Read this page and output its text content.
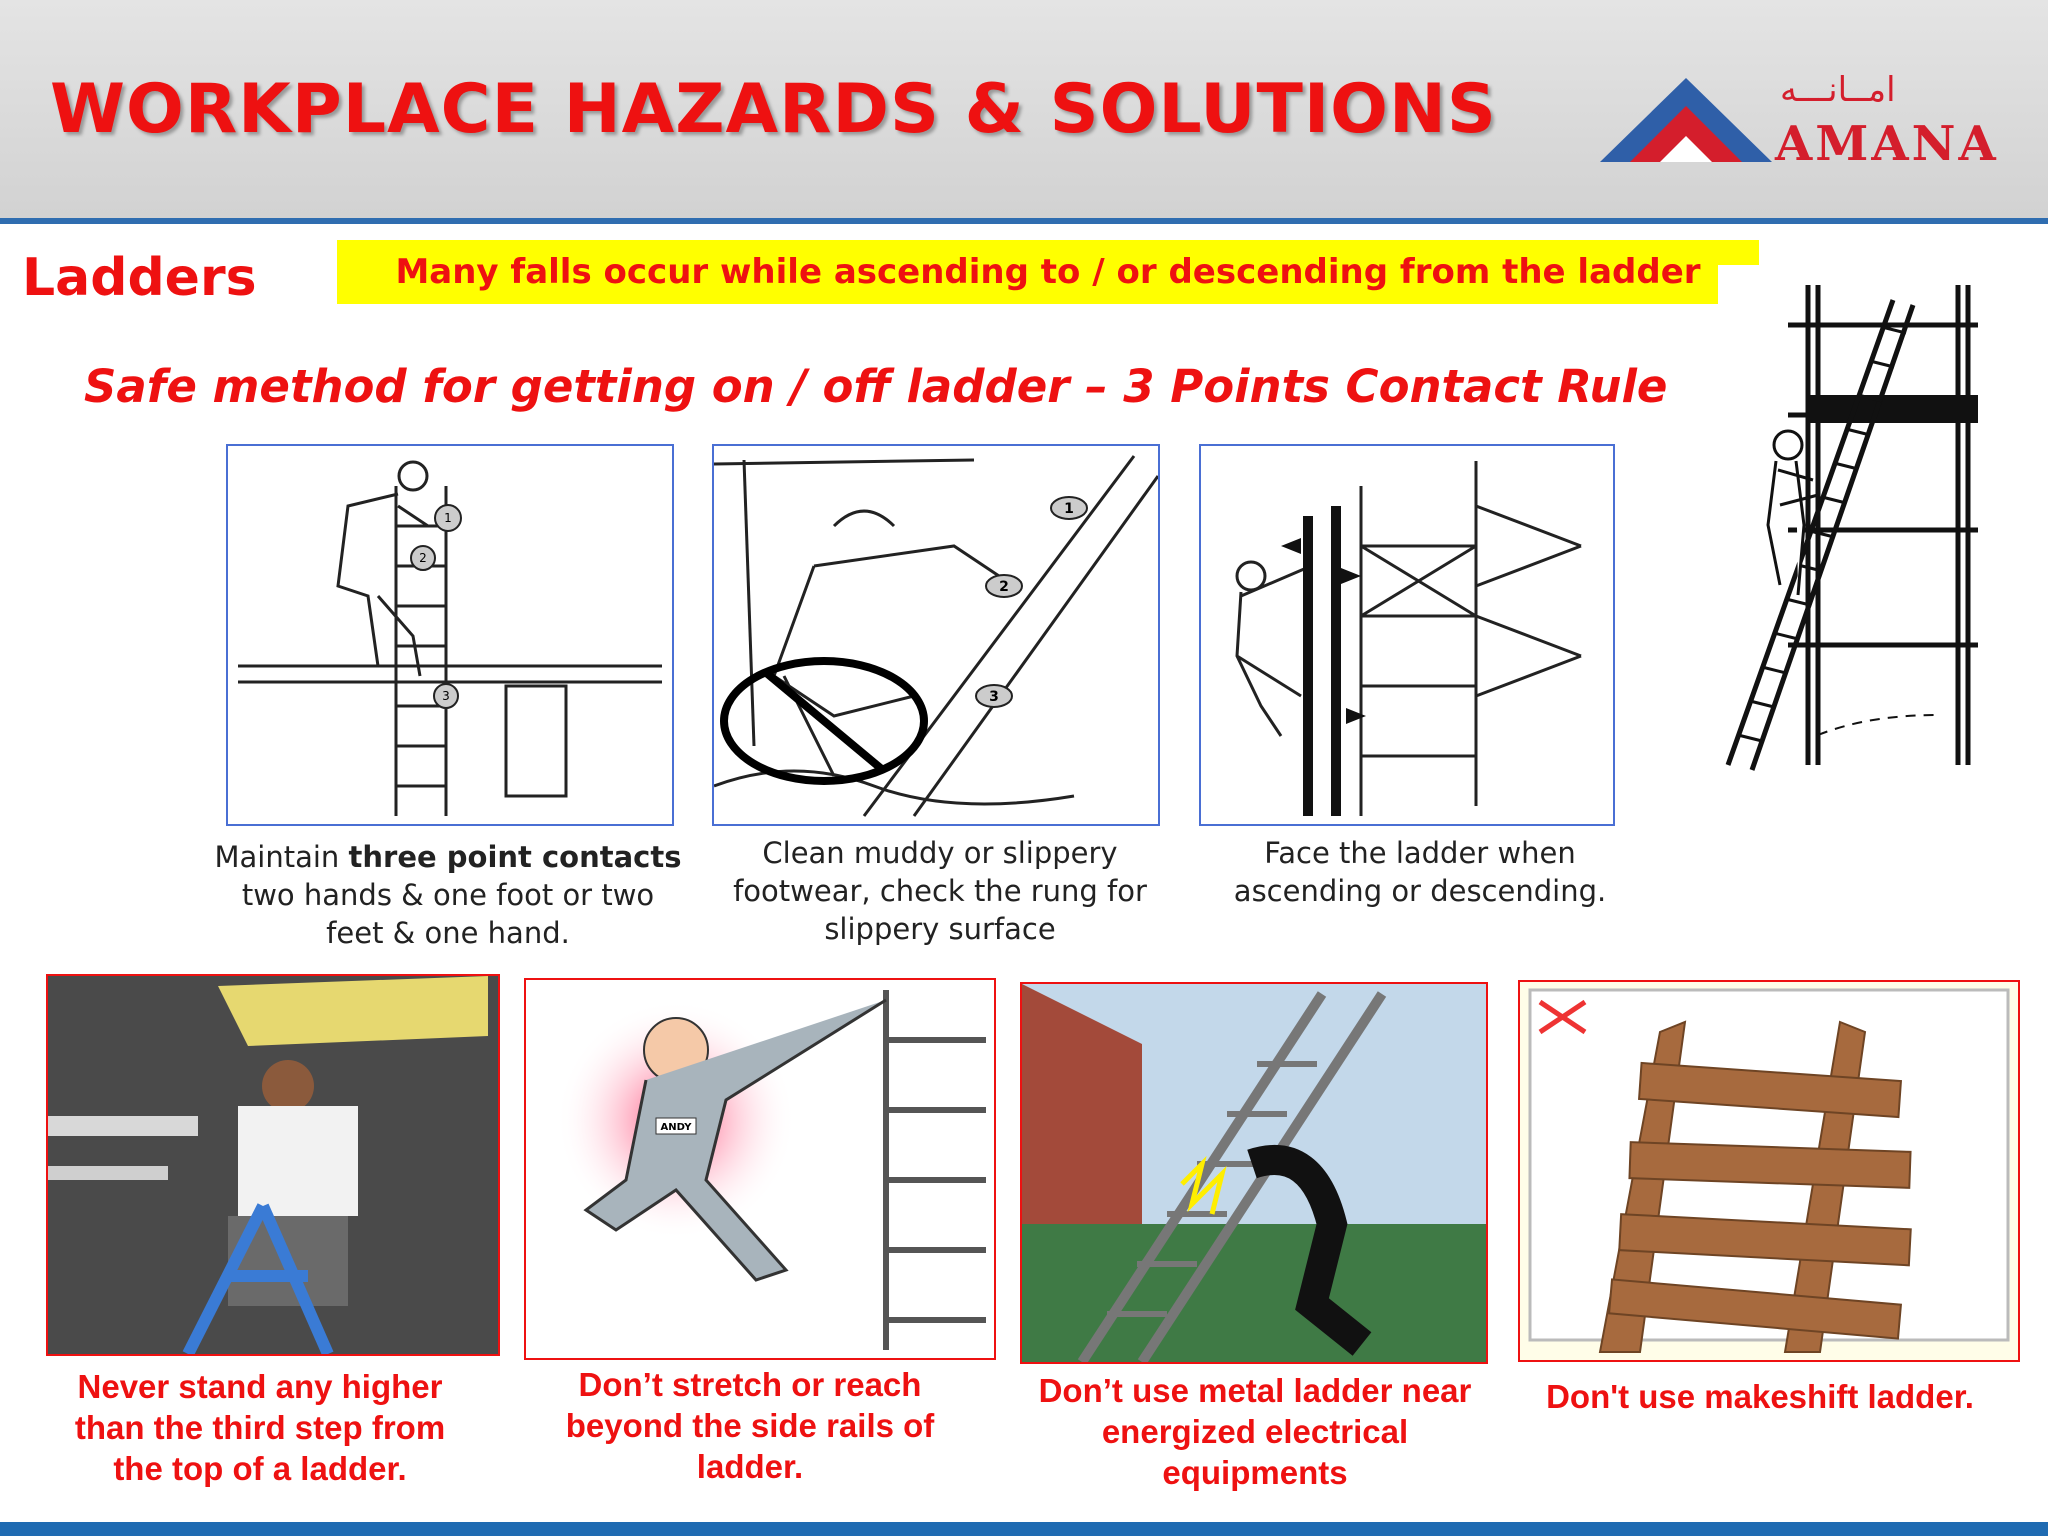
WORKPLACE HAZARDS & SOLUTIONS	امــانـــه
AMANA
Ladders	Many falls occur while ascending to / or descending from the ladder
Safe method for getting on / off ladder – 3 Points Contact Rule
1
2
3
Maintain three point contacts
two hands & one foot or two
feet & one hand.
1
2
3
Clean muddy or slippery
footwear, check the rung for
slippery surface
Face the ladder when
ascending or descending.
Never stand any higher
than the third step from
the top of a ladder.
ANDY
Don’t stretch or reach
beyond the side rails of
ladder.
Don’t use metal ladder near
energized electrical
equipments
Don't use makeshift ladder.
